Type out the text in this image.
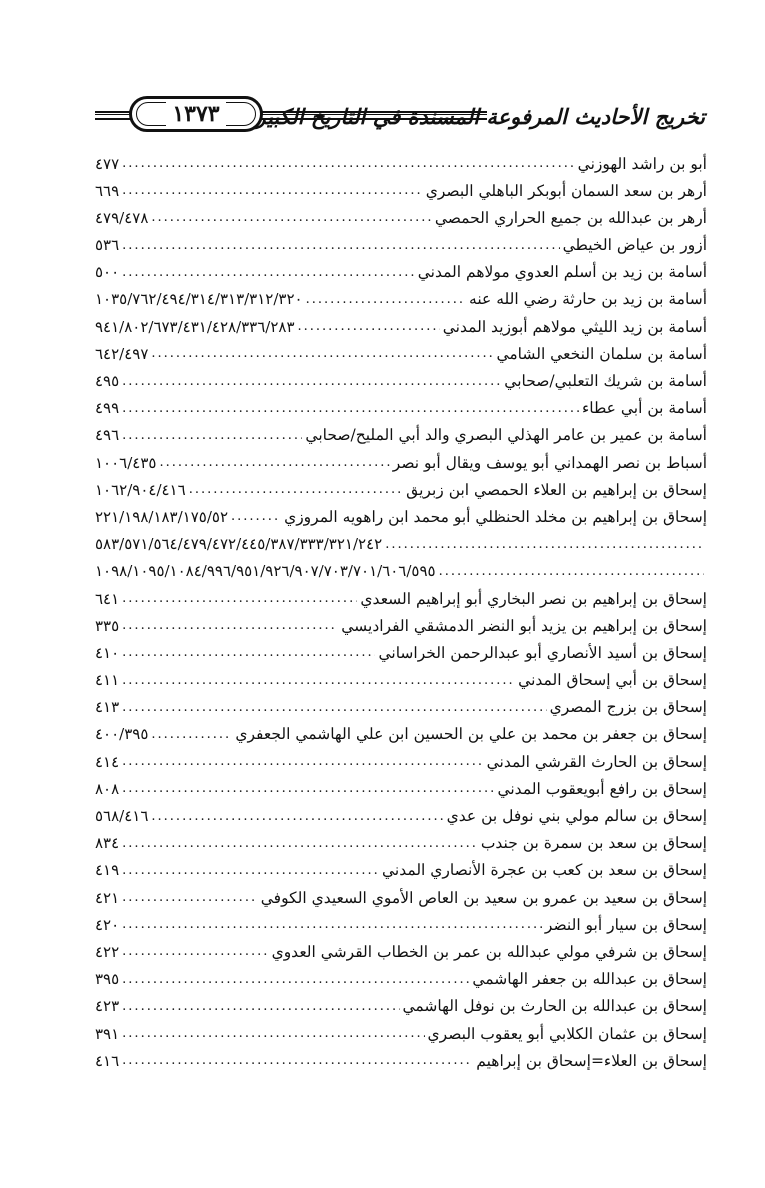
١٣٧٣ تخريج الأحاديث المرفوعة المسندة في التاريخ الكبير
أبو بن راشد الهوزني
.....
٤٧٧
أرهر بن سعد السمان أبوبكر الباهلي البصري
.....
٦٦٩
أرهر بن عبدالله بن جميع الحراري الحمصي
.....
٤٧٩/٤٧٨
أزور بن عياض الخيطي
.....
٥٣٦
أسامة بن زيد بن أسلم العدوي مولاهم المدني
.....
٥٠٠
أسامة بن زيد بن حارثة رضي الله عنه
.....
١٠٣٥/٧٦٢/٤٩٤/٣١٤/٣١٣/٣١٢/٣٢٠
أسامة بن زيد الليثي مولاهم أبوزيد المدني
.....
٩٤١/٨٠٢/٦٧٣/٤٣١/٤٢٨/٣٣٦/٢٨٣
أسامة بن سلمان النخعي الشامي
.....
٦٤٢/٤٩٧
أسامة بن شريك التعلبي/صحابي
.....
٤٩٥
أسامة بن أبي عطاء
.....
٤٩٩
أسامة بن عمير بن عامر الهذلي البصري والد أبي المليح/صحابي
.....
٤٩٦
أسباط بن نصر الهمداني أبو يوسف ويقال أبو نصر
.....
١٠٠٦/٤٣٥
إسحاق بن إبراهيم بن العلاء الحمصي ابن زبريق
.....
١٠٦٢/٩٠٤/٤١٦
إسحاق بن إبراهيم بن مخلد الحنظلي أبو محمد ابن راهويه المروزي
.....
٢٢١/١٩٨/١٨٣/١٧٥/٥٢
.....
٥٨٣/٥٧١/٥٦٤/٤٧٩/٤٧٢/٤٤٥/٣٨٧/٣٣٣/٣٢١/٢٤٢
.....
١٠٩٨/١٠٩٥/١٠٨٤/٩٩٦/٩٥١/٩٢٦/٩٠٧/٧٠٣/٧٠١/٦٠٦/٥٩٥
إسحاق بن إبراهيم بن نصر البخاري أبو إبراهيم السعدي
.....
٦٤١
إسحاق بن إبراهيم بن يزيد أبو النضر الدمشقي الفراديسي
.....
٣٣٥
إسحاق بن أسيد الأنصاري أبو عبدالرحمن الخراساني
.....
٤١٠
إسحاق بن أبي إسحاق المدني
.....
٤١١
إسحاق بن بزرج المصري
.....
٤١٣
إسحاق بن جعفر بن محمد بن علي بن الحسين ابن علي الهاشمي الجعفري
.....
٤٠٠/٣٩٥
إسحاق بن الحارث القرشي المدني
.....
٤١٤
إسحاق بن رافع أبويعقوب المدني
.....
٨٠٨
إسحاق بن سالم مولي بني نوفل بن عدي
.....
٥٦٨/٤١٦
إسحاق بن سعد بن سمرة بن جندب
.....
٨٣٤
إسحاق بن سعد بن كعب بن عجرة الأنصاري المدني
.....
٤١٩
إسحاق بن سعيد بن عمرو بن سعيد بن العاص الأموي السعيدي الكوفي
.....
٤٢١
إسحاق بن سيار أبو النضر
.....
٤٢٠
إسحاق بن شرفي مولي عبدالله بن عمر بن الخطاب القرشي العدوي
.....
٤٢٢
إسحاق بن عبدالله بن جعفر الهاشمي
.....
٣٩٥
إسحاق بن عبدالله بن الحارث بن نوفل الهاشمي
.....
٤٢٣
إسحاق بن عثمان الكلابي أبو يعقوب البصري
.....
٣٩١
إسحاق بن العلاء=إسحاق بن إبراهيم
.....
٤١٦
